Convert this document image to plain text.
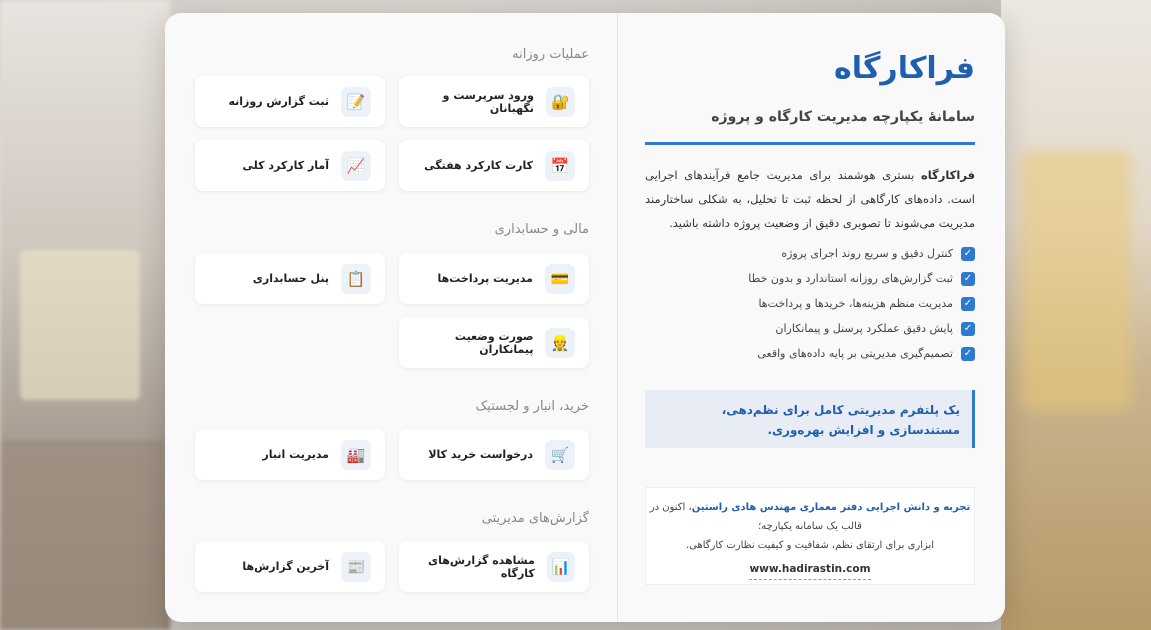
فراکارگاه
سامانهٔ یکپارچه مدیریت کارگاه و پروژه
فراکارگاه بستری هوشمند برای مدیریت جامع فرآیندهای اجرایی است. داده‌های کارگاهی از لحظه ثبت تا تحلیل، به شکلی ساختارمند مدیریت می‌شوند تا تصویری دقیق از وضعیت پروژه داشته باشید.
✓
کنترل دقیق و سریع روند اجرای پروژه
✓
ثبت گزارش‌های روزانه استاندارد و بدون خطا
✓
مدیریت منظم هزینه‌ها، خریدها و پرداخت‌ها
✓
پایش دقیق عملکرد پرسنل و پیمانکاران
✓
تصمیم‌گیری مدیریتی بر پایه داده‌های واقعی
یک پلتفرم مدیریتی کامل برای نظم‌دهی، مستندسازی و افزایش بهره‌وری.
تجربه و دانش اجرایی دفتر معماری مهندس هادی راستین، اکنون در قالب یک سامانه یکپارچه؛
ابزاری برای ارتقای نظم، شفافیت و کیفیت نظارت کارگاهی.
www.hadirastin.com
عملیات روزانه
🔐
ورود سرپرست و نگهبانان
📝
ثبت گزارش روزانه
📅
کارت کارکرد هفتگی
📈
آمار کارکرد کلی
مالی و حسابداری
💳
مدیریت پرداخت‌ها
📋
پنل حسابداری
👷
صورت وضعیت پیمانکاران
خرید، انبار و لجستیک
🛒
درخواست خرید کالا
🏭
مدیریت انبار
گزارش‌های مدیریتی
📊
مشاهده گزارش‌های کارگاه
📰
آخرین گزارش‌ها
